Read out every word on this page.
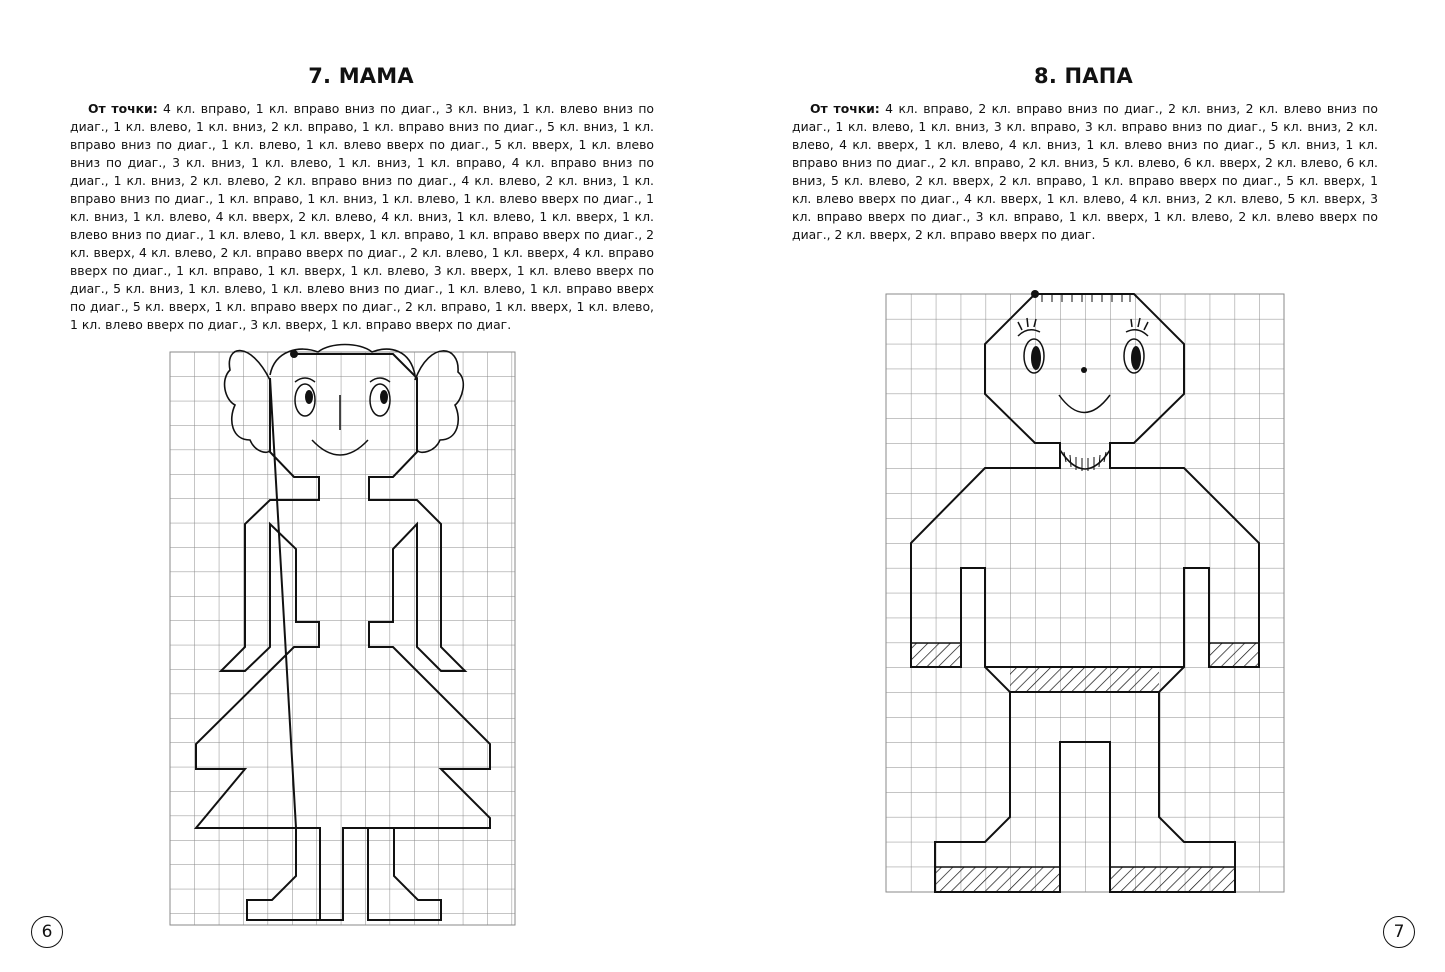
7. МАМА

От точки: 4 кл. вправо, 1 кл. вправо вниз по диаг., 3 кл. вниз, 1 кл. влево вниз по диаг., 1 кл. влево, 1 кл. вниз, 2 кл. вправо, 1 кл. вправо вниз по диаг., 5 кл. вниз, 1 кл. вправо вниз по диаг., 1 кл. влево, 1 кл. влево вверх по диаг., 5 кл. вверх, 1 кл. влево вниз по диаг., 3 кл. вниз, 1 кл. влево, 1 кл. вниз, 1 кл. вправо, 4 кл. вправо вниз по диаг., 1 кл. вниз, 2 кл. влево, 2 кл. вправо вниз по диаг., 4 кл. влево, 2 кл. вниз, 1 кл. вправо вниз по диаг., 1 кл. вправо, 1 кл. вниз, 1 кл. влево, 1 кл. влево вверх по диаг., 1 кл. вниз, 1 кл. влево, 4 кл. вверх, 2 кл. влево, 4 кл. вниз, 1 кл. влево, 1 кл. вверх, 1 кл. влево вниз по диаг., 1 кл. влево, 1 кл. вверх, 1 кл. вправо, 1 кл. вправо вверх по диаг., 2 кл. вверх, 4 кл. влево, 2 кл. вправо вверх по диаг., 2 кл. влево, 1 кл. вверх, 4 кл. вправо вверх по диаг., 1 кл. вправо, 1 кл. вверх, 1 кл. влево, 3 кл. вверх, 1 кл. влево вверх по диаг., 5 кл. вниз, 1 кл. влево, 1 кл. влево вниз по диаг., 1 кл. влево, 1 кл. вправо вверх по диаг., 5 кл. вверх, 1 кл. вправо вверх по диаг., 2 кл. вправо, 1 кл. вверх, 1 кл. влево, 1 кл. влево вверх по диаг., 3 кл. вверх, 1 кл. вправо вверх по диаг.

6
8. ПАПА

От точки: 4 кл. вправо, 2 кл. вправо вниз по диаг., 2 кл. вниз, 2 кл. влево вниз по диаг., 1 кл. влево, 1 кл. вниз, 3 кл. вправо, 3 кл. вправо вниз по диаг., 5 кл. вниз, 2 кл. влево, 4 кл. вверх, 1 кл. влево, 4 кл. вниз, 1 кл. влево вниз по диаг., 5 кл. вниз, 1 кл. вправо вниз по диаг., 2 кл. вправо, 2 кл. вниз, 5 кл. влево, 6 кл. вверх, 2 кл. влево, 6 кл. вниз, 5 кл. влево, 2 кл. вверх, 2 кл. вправо, 1 кл. вправо вверх по диаг., 5 кл. вверх, 1 кл. влево вверх по диаг., 4 кл. вверх, 1 кл. влево, 4 кл. вниз, 2 кл. влево, 5 кл. вверх, 3 кл. вправо вверх по диаг., 3 кл. вправо, 1 кл. вверх, 1 кл. влево, 2 кл. влево вверх по диаг., 2 кл. вверх, 2 кл. вправо вверх по диаг.

7
